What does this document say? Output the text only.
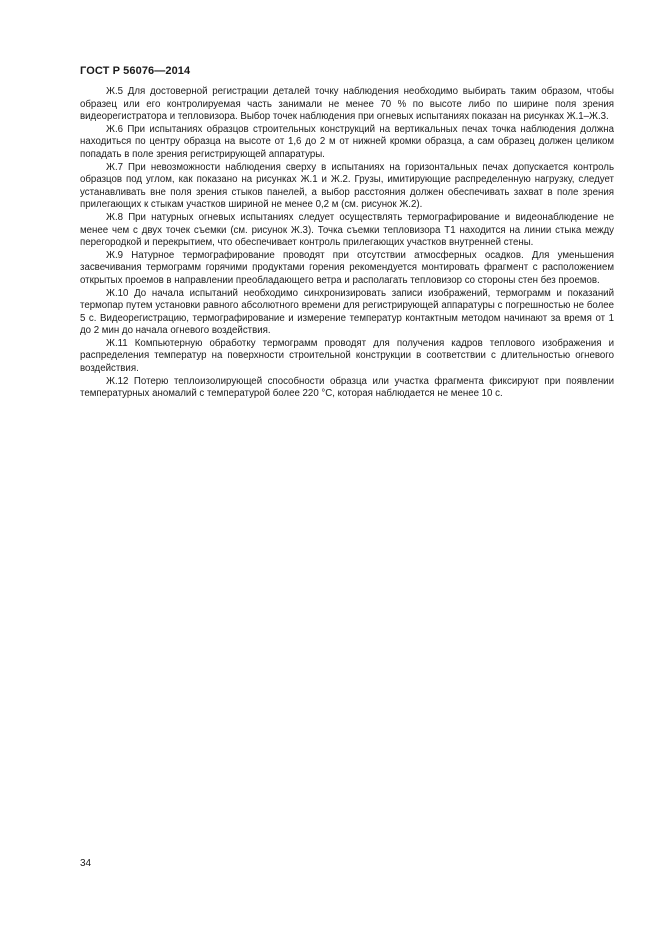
ГОСТ Р 56076—2014

Ж.5 Для достоверной регистрации деталей точку наблюдения необходимо выбирать таким образом, чтобы образец или его контролируемая часть занимали не менее 70 % по высоте либо по ширине поля зрения видеорегистратора и тепловизора. Выбор точек наблюдения при огневых испытаниях показан на рисунках Ж.1–Ж.3.

Ж.6 При испытаниях образцов строительных конструкций на вертикальных печах точка наблюдения должна находиться по центру образца на высоте от 1,6 до 2 м от нижней кромки образца, а сам образец должен целиком попадать в поле зрения регистрирующей аппаратуры.

Ж.7 При невозможности наблюдения сверху в испытаниях на горизонтальных печах допускается контроль образцов под углом, как показано на рисунках Ж.1 и Ж.2. Грузы, имитирующие распределенную нагрузку, следует устанавливать вне поля зрения стыков панелей, а выбор расстояния должен обеспечивать захват в поле зрения прилегающих к стыкам участков шириной не менее 0,2 м (см. рисунок Ж.2).

Ж.8 При натурных огневых испытаниях следует осуществлять термографирование и видеонаблюдение не менее чем с двух точек съемки (см. рисунок Ж.3). Точка съемки тепловизора Т1 находится на линии стыка между перегородкой и перекрытием, что обеспечивает контроль прилегающих участков внутренней стены.

Ж.9 Натурное термографирование проводят при отсутствии атмосферных осадков. Для уменьшения засвечивания термограмм горячими продуктами горения рекомендуется монтировать фрагмент с расположением открытых проемов в направлении преобладающего ветра и располагать тепловизор со стороны стен без проемов.

Ж.10 До начала испытаний необходимо синхронизировать записи изображений, термограмм и показаний термопар путем установки равного абсолютного времени для регистрирующей аппаратуры с погрешностью не более 5 с. Видеорегистрацию, термографирование и измерение температур контактным методом начинают за время от 1 до 2 мин до начала огневого воздействия.

Ж.11 Компьютерную обработку термограмм проводят для получения кадров теплового изображения и распределения температур на поверхности строительной конструкции в соответствии с длительностью огневого воздействия.

Ж.12 Потерю теплоизолирующей способности образца или участка фрагмента фиксируют при появлении температурных аномалий с температурой более 220 °С, которая наблюдается не менее 10 с.

34
